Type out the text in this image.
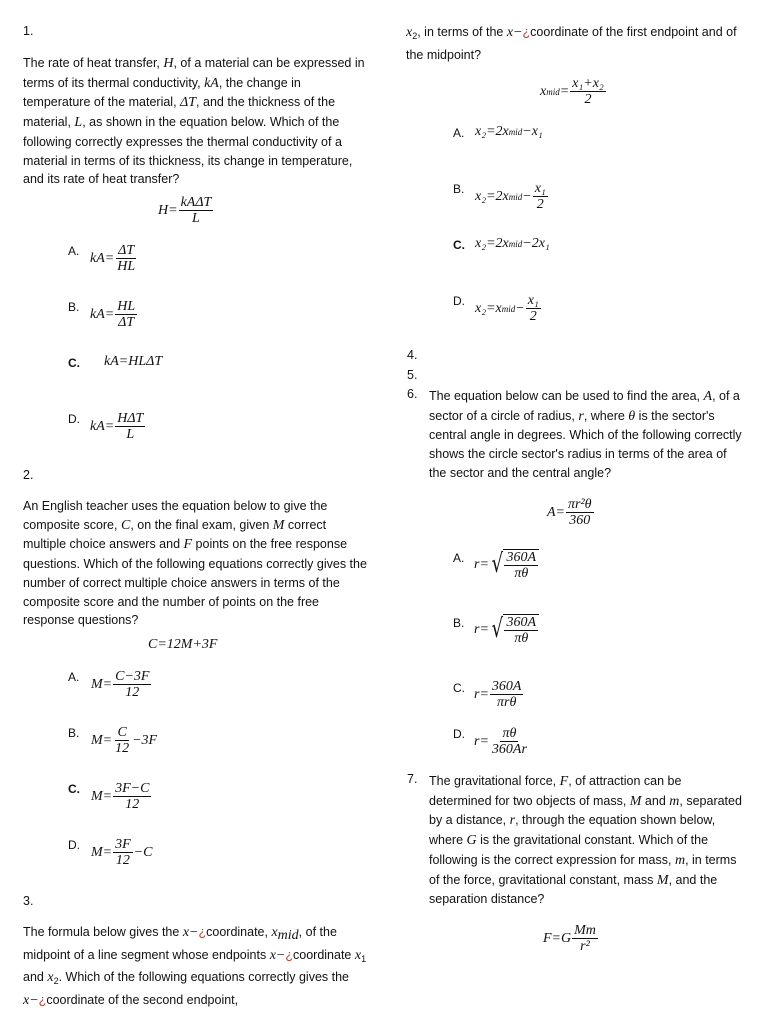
1.
The rate of heat transfer, H, of a material can be expressed in terms of its thermal conductivity, kA, the change in temperature of the material, ΔT, and the thickness of the material, L, as shown in the equation below. Which of the following correctly expresses the thermal conductivity of a material in terms of its thickness, its change in temperature, and its rate of heat transfer?
$H= \frac{\text{kAΔT}}{L}$
A. $kA= \frac{\Delta T}{HL}$
B. $kA= \frac{HL}{\Delta T}$
C. kA=HLΔT
D. $kA= \frac{\text{HΔT}}{L}$
2.
An English teacher uses the equation below to give the composite score, C, on the final exam, given M correct multiple choice answers and F points on the free response questions. Which of the following equations correctly gives the number of correct multiple choice answers in terms of the composite score and the number of points on the free response questions?
C=12M+3F
A. $M= \frac{C-3F}{12}$
B. $M= \frac{C}{12} -3F$
C. $M= \frac{3F-C}{12}$
D. $M= \frac{3F}{12} -C$
3.
The formula below gives the x−¿coordinate, $x_{mid}$, of the midpoint of a line segment whose endpoints x−¿coordinate $x_1$ and $x_2$. Which of the following equations correctly gives the x−¿coordinate of the second endpoint,
$x_2$, in terms of the x−¿coordinate of the first endpoint and of the midpoint?
x mid = $\frac{\text{x₁+x₂}}{2}$
A. x₂=2x mid −x₁
B. x₂=2x mid − $\frac{\text{x₁}}{2}$
C. x₂=2x mid −2x₁
D. x₂=x mid − $\frac{\text{x₁}}{2}$
4.
5.
6. The equation below can be used to find the area, A, of a sector of a circle of radius, r, where θ is the sector's central angle in degrees. Which of the following correctly shows the circle sector's radius in terms of the area of the sector and the central angle?
$A= \frac{\text{πr²θ}}{360}$
A. r= √ $\frac{360A}{\pi\theta}$
B. r= √ $\frac{360A}{\pi\theta}$
C. $r= \frac{360A}{\text{πrθ}}$
D. $r= \frac{\pi\theta}{360Ar}$
7. The gravitational force, F, of attraction can be determined for two objects of mass, M and m, separated by a distance, r, through the equation shown below, where G is the gravitational constant. Which of the following is the correct expression for mass, m, in terms of the force, gravitational constant, mass M, and the separation distance?
$F=G \frac{Mm}{\text{r²}}$
